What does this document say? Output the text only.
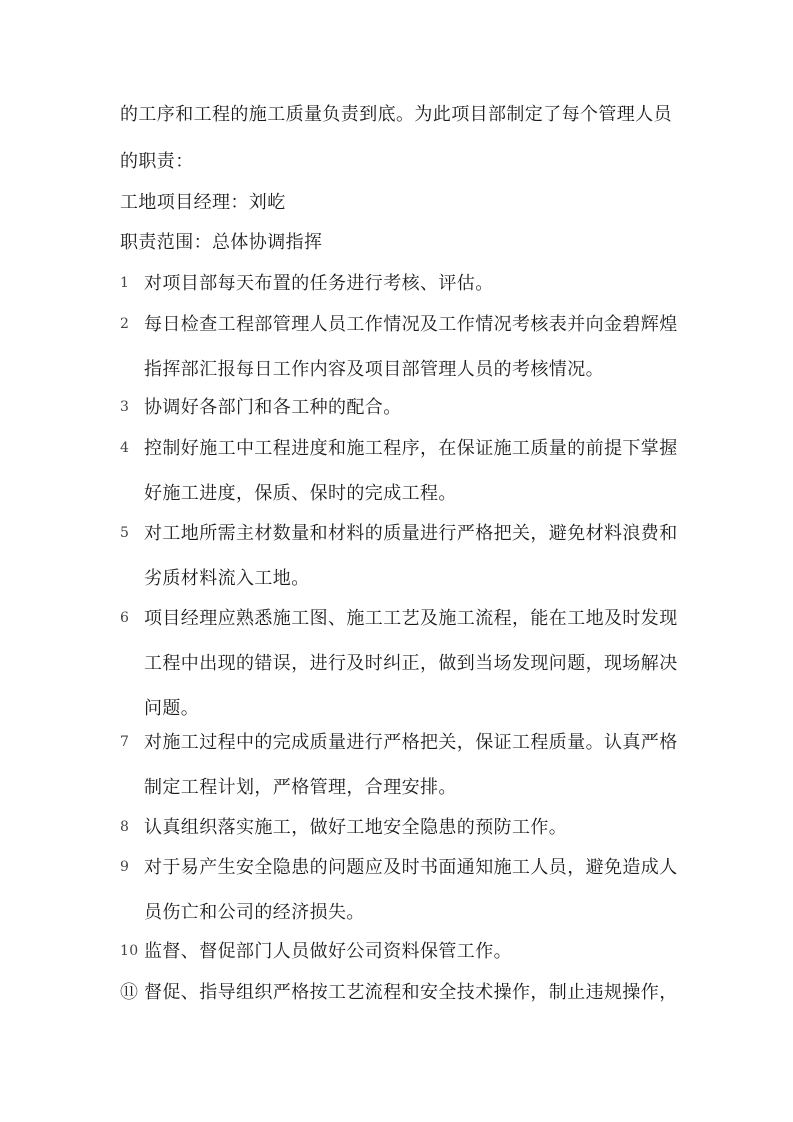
的工序和工程的施工质量负责到底。为此项目部制定了每个管理人员
的职责：
工地项目经理：刘屹
职责范围：总体协调指挥
1 对项目部每天布置的任务进行考核、评估。
2 每日检查工程部管理人员工作情况及工作情况考核表并向金碧辉煌指挥部汇报每日工作内容及项目部管理人员的考核情况。
3 协调好各部门和各工种的配合。
4 控制好施工中工程进度和施工程序，在保证施工质量的前提下掌握好施工进度，保质、保时的完成工程。
5 对工地所需主材数量和材料的质量进行严格把关，避免材料浪费和劣质材料流入工地。
6 项目经理应熟悉施工图、施工工艺及施工流程，能在工地及时发现工程中出现的错误，进行及时纠正，做到当场发现问题，现场解决问题。
7 对施工过程中的完成质量进行严格把关，保证工程质量。认真严格制定工程计划，严格管理，合理安排。
8 认真组织落实施工，做好工地安全隐患的预防工作。
9 对于易产生安全隐患的问题应及时书面通知施工人员，避免造成人员伤亡和公司的经济损失。
10 监督、督促部门人员做好公司资料保管工作。
⑪ 督促、指导组织严格按工艺流程和安全技术操作，制止违规操作，
